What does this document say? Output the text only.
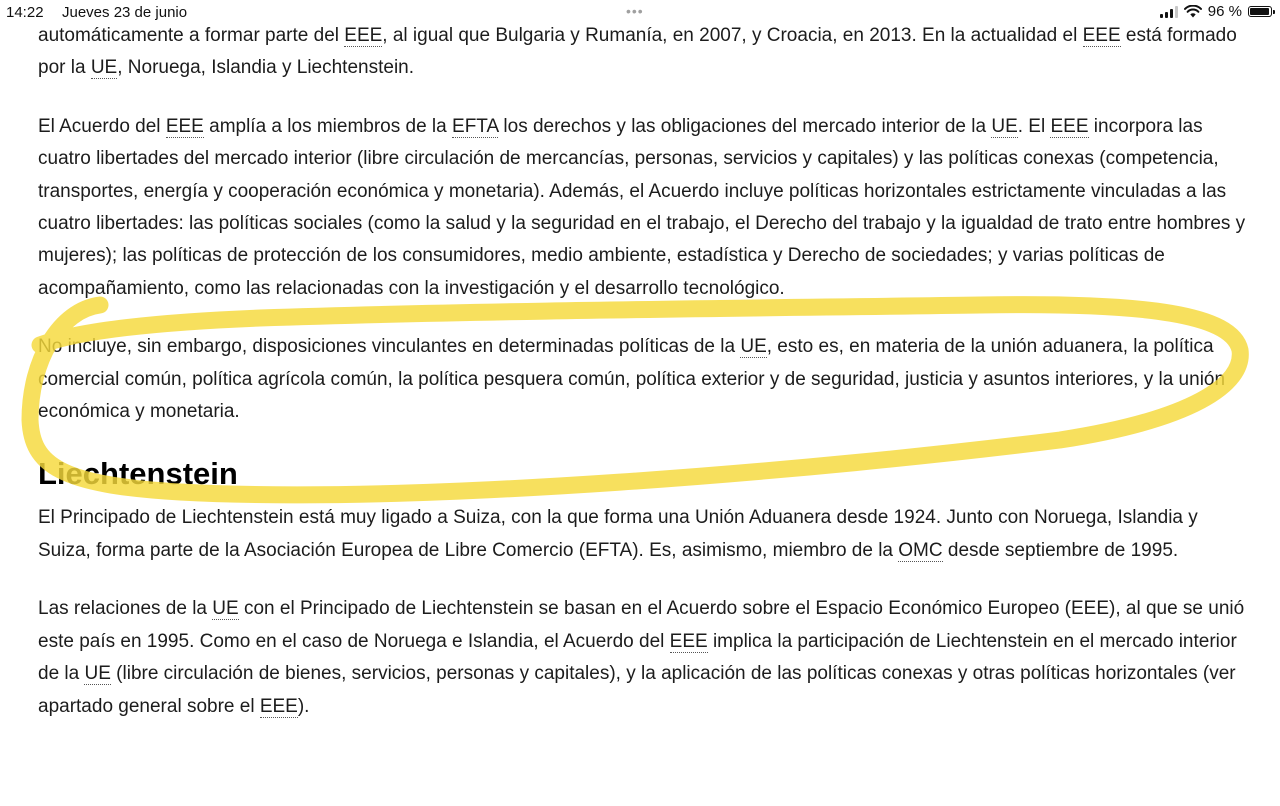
14:22 Jueves 23 de junio	•••	96 %

automáticamente a formar parte del EEE, al igual que Bulgaria y Rumanía, en 2007, y Croacia, en 2013. En la actualidad el EEE está formado por la UE, Noruega, Islandia y Liechtenstein.

El Acuerdo del EEE amplía a los miembros de la EFTA los derechos y las obligaciones del mercado interior de la UE. El EEE incorpora las cuatro libertades del mercado interior (libre circulación de mercancías, personas, servicios y capitales) y las políticas conexas (competencia, transportes, energía y cooperación económica y monetaria). Además, el Acuerdo incluye políticas horizontales estrictamente vinculadas a las cuatro libertades: las políticas sociales (como la salud y la seguridad en el trabajo, el Derecho del trabajo y la igualdad de trato entre hombres y mujeres); las políticas de protección de los consumidores, medio ambiente, estadística y Derecho de sociedades; y varias políticas de acompañamiento, como las relacionadas con la investigación y el desarrollo tecnológico.

No incluye, sin embargo, disposiciones vinculantes en determinadas políticas de la UE, esto es, en materia de la unión aduanera, la política comercial común, política agrícola común, la política pesquera común, política exterior y de seguridad, justicia y asuntos interiores, y la unión económica y monetaria.

Liechtenstein

El Principado de Liechtenstein está muy ligado a Suiza, con la que forma una Unión Aduanera desde 1924. Junto con Noruega, Islandia y Suiza, forma parte de la Asociación Europea de Libre Comercio (EFTA). Es, asimismo, miembro de la OMC desde septiembre de 1995.

Las relaciones de la UE con el Principado de Liechtenstein se basan en el Acuerdo sobre el Espacio Económico Europeo (EEE), al que se unió este país en 1995. Como en el caso de Noruega e Islandia, el Acuerdo del EEE implica la participación de Liechtenstein en el mercado interior de la UE (libre circulación de bienes, servicios, personas y capitales), y la aplicación de las políticas conexas y otras políticas horizontales (ver apartado general sobre el EEE).
